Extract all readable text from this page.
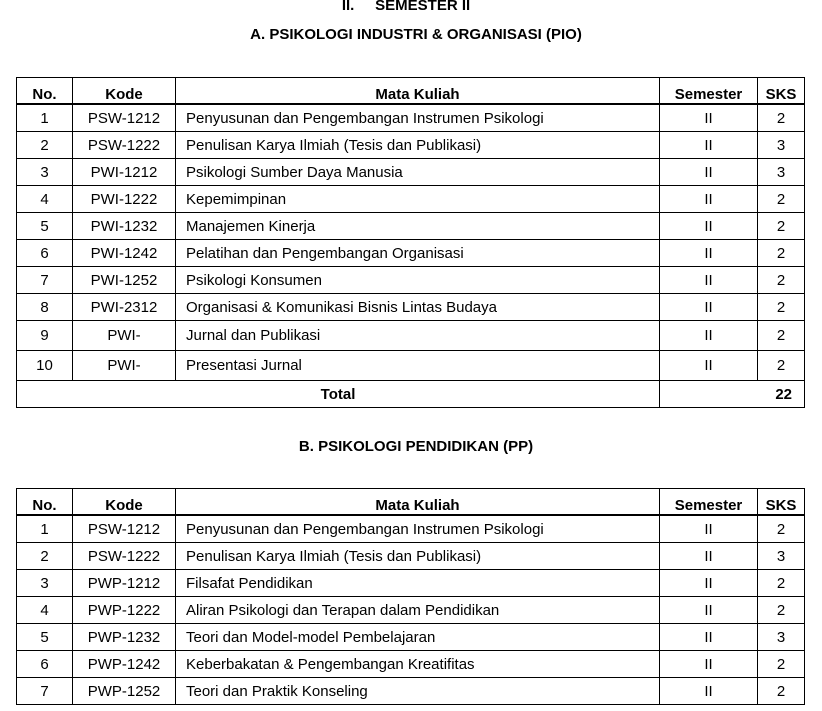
II.     SEMESTER II
A. PSIKOLOGI INDUSTRI & ORGANISASI (PIO)
No.	Kode	Mata Kuliah	Semester	SKS
1	PSW-1212	Penyusunan dan Pengembangan Instrumen Psikologi	II	2
2	PSW-1222	Penulisan Karya Ilmiah (Tesis dan Publikasi)	II	3
3	PWI-1212	Psikologi Sumber Daya Manusia	II	3
4	PWI-1222	Kepemimpinan	II	2
5	PWI-1232	Manajemen Kinerja	II	2
6	PWI-1242	Pelatihan dan Pengembangan Organisasi	II	2
7	PWI-1252	Psikologi Konsumen	II	2
8	PWI-2312	Organisasi & Komunikasi Bisnis Lintas Budaya	II	2
9	PWI-	Jurnal dan Publikasi	II	2
10	PWI-	Presentasi Jurnal	II	2
Total			22	
B. PSIKOLOGI PENDIDIKAN (PP)
No.	Kode	Mata Kuliah	Semester	SKS
1	PSW-1212	Penyusunan dan Pengembangan Instrumen Psikologi	II	2
2	PSW-1222	Penulisan Karya Ilmiah (Tesis dan Publikasi)	II	3
3	PWP-1212	Filsafat Pendidikan	II	2
4	PWP-1222	Aliran Psikologi dan Terapan dalam Pendidikan	II	2
5	PWP-1232	Teori dan Model-model Pembelajaran	II	3
6	PWP-1242	Keberbakatan & Pengembangan Kreatifitas	II	2
7	PWP-1252	Teori dan Praktik Konseling	II	2
